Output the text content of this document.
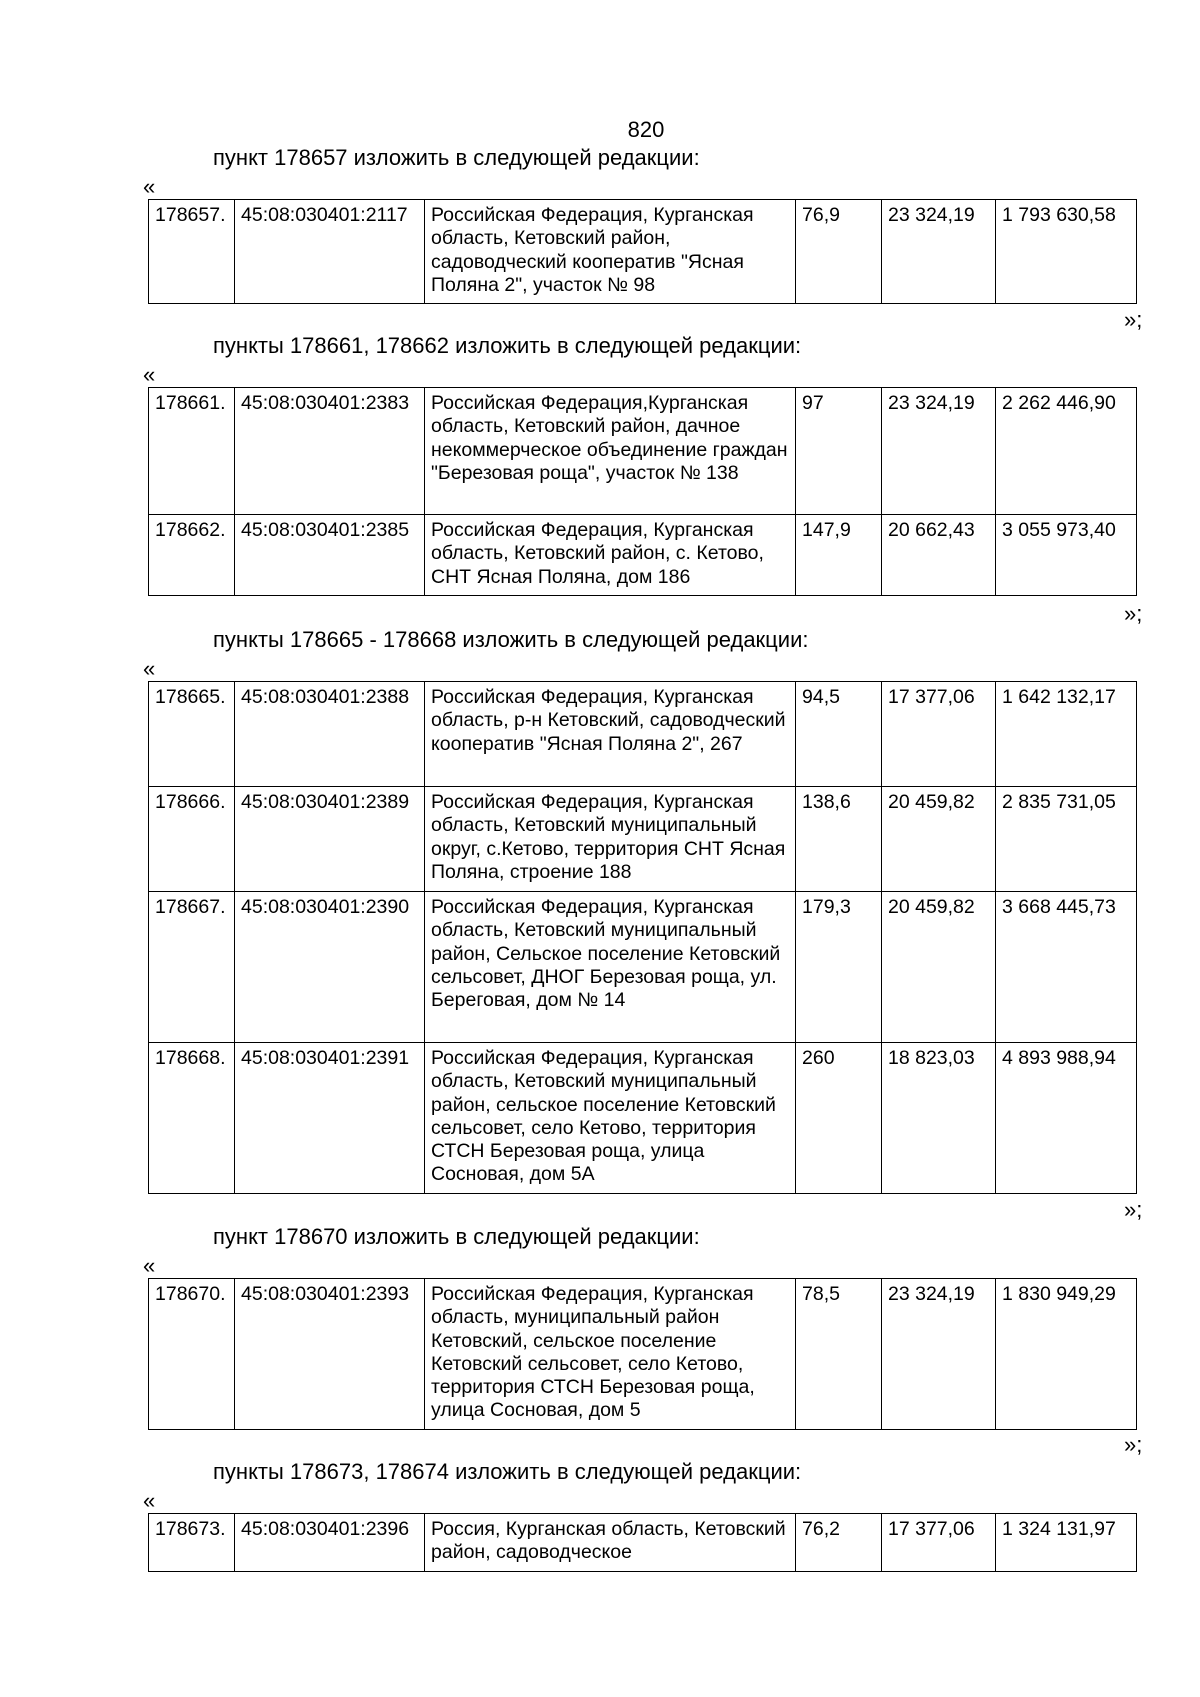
820
пункт 178657 изложить в следующей редакции:
«
178657.	45:08:030401:2117	Российская Федерация, Курганская область, Кетовский район, садоводческий кооператив "Ясная Поляна 2", участок № 98	76,9	23 324,19	1 793 630,58
»;
пункты 178661, 178662 изложить в следующей редакции:
«
178661.	45:08:030401:2383	Российская Федерация,Курганская область, Кетовский район, дачное некоммерческое объединение граждан "Березовая роща", участок № 138	97	23 324,19	2 262 446,90
178662.	45:08:030401:2385	Российская Федерация, Курганская область, Кетовский район, с. Кетово, СНТ Ясная Поляна, дом 186	147,9	20 662,43	3 055 973,40
»;
пункты 178665 - 178668 изложить в следующей редакции:
«
178665.	45:08:030401:2388	Российская Федерация, Курганская область, р-н Кетовский, садоводческий кооператив "Ясная Поляна 2", 267	94,5	17 377,06	1 642 132,17
178666.	45:08:030401:2389	Российская Федерация, Курганская область, Кетовский муниципальный округ, с.Кетово, территория СНТ Ясная Поляна, строение 188	138,6	20 459,82	2 835 731,05
178667.	45:08:030401:2390	Российская Федерация, Курганская область, Кетовский муниципальный район, Сельское поселение Кетовский сельсовет, ДНОГ Березовая роща, ул. Береговая, дом № 14	179,3	20 459,82	3 668 445,73
178668.	45:08:030401:2391	Российская Федерация, Курганская область, Кетовский муниципальный район, сельское поселение Кетовский сельсовет, село Кетово, территория СТСН Березовая роща, улица Сосновая, дом 5А	260	18 823,03	4 893 988,94
»;
пункт 178670 изложить в следующей редакции:
«
178670.	45:08:030401:2393	Российская Федерация, Курганская область, муниципальный район Кетовский, сельское поселение Кетовский сельсовет, село Кетово, территория СТСН Березовая роща, улица Сосновая, дом 5	78,5	23 324,19	1 830 949,29
»;
пункты 178673, 178674 изложить в следующей редакции:
«
178673.	45:08:030401:2396	Россия, Курганская область, Кетовский район, садоводческое	76,2	17 377,06	1 324 131,97
